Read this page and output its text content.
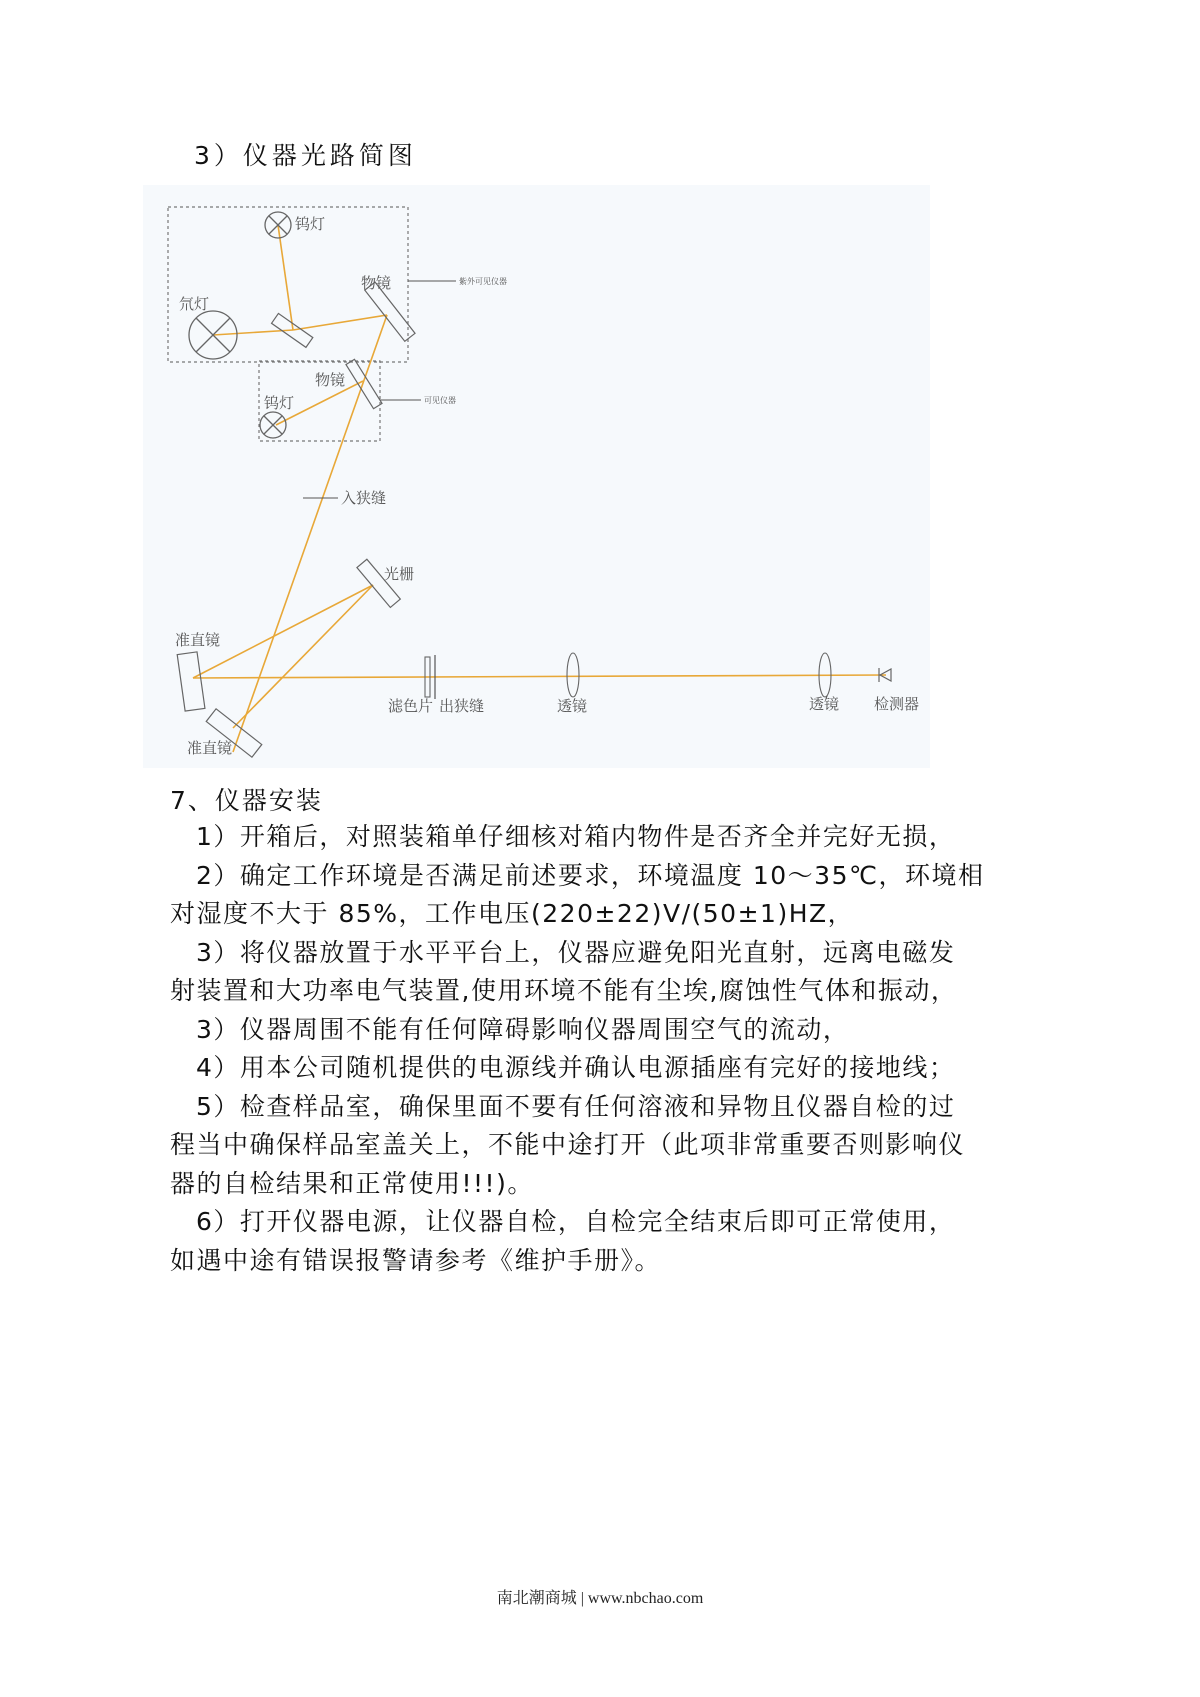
3）仪器光路简图
钨灯
氘灯
物镜	紫外可见仪器
物镜
钨灯	可见仪器
入狭缝
光栅
准直镜
准直镜
滤色片 出狭缝	透镜	透镜 检测器
7、仪器安装

1）开箱后，对照装箱单仔细核对箱内物件是否齐全并完好无损，

2）确定工作环境是否满足前述要求，环境温度 10～35℃，环境相

对湿度不大于 85%，工作电压(220±22)V/(50±1)HZ，

3）将仪器放置于水平平台上，仪器应避免阳光直射，远离电磁发

射装置和大功率电气装置,使用环境不能有尘埃,腐蚀性气体和振动，

3）仪器周围不能有任何障碍影响仪器周围空气的流动，

4）用本公司随机提供的电源线并确认电源插座有完好的接地线；

5）检查样品室，确保里面不要有任何溶液和异物且仪器自检的过

程当中确保样品室盖关上，不能中途打开（此项非常重要否则影响仪

器的自检结果和正常使用!!!)。

6）打开仪器电源，让仪器自检，自检完全结束后即可正常使用，

如遇中途有错误报警请参考《维护手册》。

南北潮商城 | www.nbchao.com
